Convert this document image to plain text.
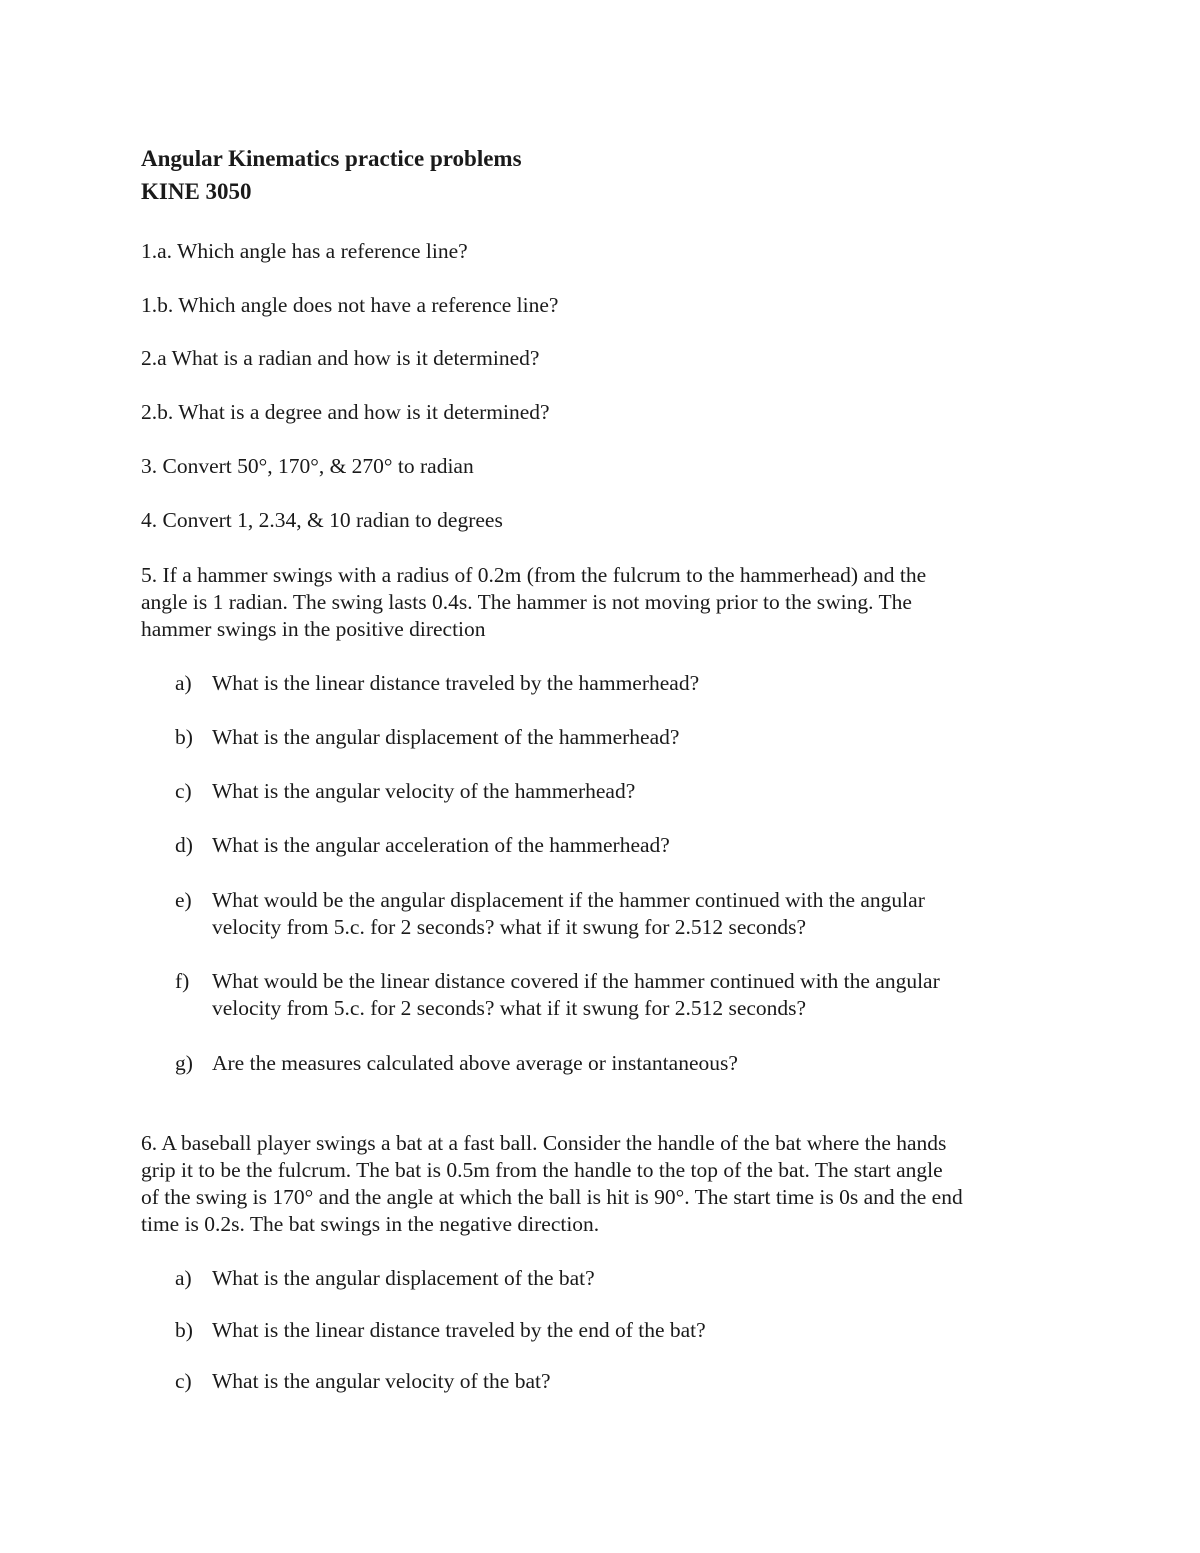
Angular Kinematics practice problems
KINE 3050
1.a. Which angle has a reference line?
1.b. Which angle does not have a reference line?
2.a What is a radian and how is it determined?
2.b. What is a degree and how is it determined?
3. Convert 50°, 170°, & 270° to radian
4. Convert 1, 2.34, & 10 radian to degrees
5. If a hammer swings with a radius of 0.2m (from the fulcrum to the hammerhead) and the
angle is 1 radian. The swing lasts 0.4s. The hammer is not moving prior to the swing. The
hammer swings in the positive direction
a) What is the linear distance traveled by the hammerhead?
b) What is the angular displacement of the hammerhead?
c) What is the angular velocity of the hammerhead?
d) What is the angular acceleration of the hammerhead?
e) What would be the angular displacement if the hammer continued with the angular
velocity from 5.c. for 2 seconds? what if it swung for 2.512 seconds?
f) What would be the linear distance covered if the hammer continued with the angular
velocity from 5.c. for 2 seconds? what if it swung for 2.512 seconds?
g) Are the measures calculated above average or instantaneous?
6. A baseball player swings a bat at a fast ball. Consider the handle of the bat where the hands
grip it to be the fulcrum. The bat is 0.5m from the handle to the top of the bat. The start angle
of the swing is 170° and the angle at which the ball is hit is 90°. The start time is 0s and the end
time is 0.2s. The bat swings in the negative direction.
a) What is the angular displacement of the bat?
b) What is the linear distance traveled by the end of the bat?
c) What is the angular velocity of the bat?
